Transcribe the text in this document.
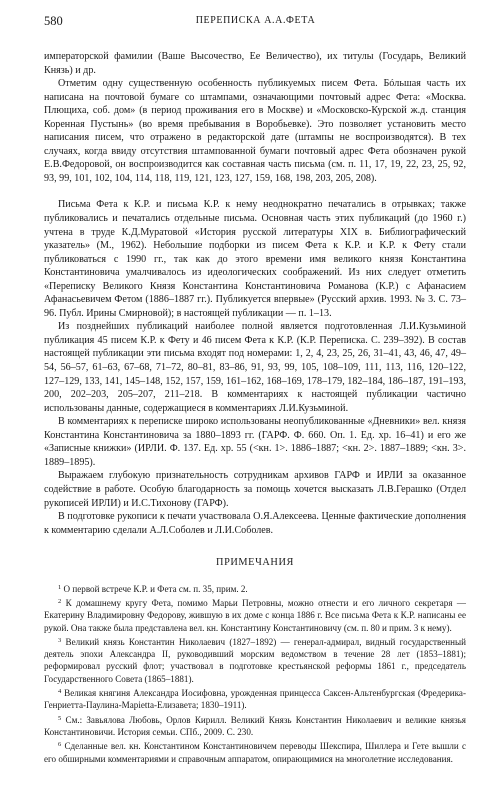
580	ПЕРЕПИСКА А.А.ФЕТА

императорской фамилии (Ваше Высочество, Ее Величество), их титулы (Государь, Великий Князь) и др.

Отметим одну существенную особенность публикуемых писем Фета. Бóльшая часть их написана на почтовой бумаге со штампами, означающими почтовый адрес Фета: «Москва. Плющиха, соб. дом» (в период проживания его в Москве) и «Московско-Курской ж.д. станция Коренная Пустынь» (во время пребывания в Воробьевке). Это позволяет установить место написания писем, что отражено в редакторской дате (штампы не воспроизводятся). В тех случаях, когда ввиду отсутствия штампованной бумаги почтовый адрес Фета обозначен рукой Е.В.Федоровой, он воспроизводится как составная часть письма (см. п. 11, 17, 19, 22, 23, 25, 92, 93, 99, 101, 102, 104, 114, 118, 119, 121, 123, 127, 159, 168, 198, 203, 205, 208).

Письма Фета к К.Р. и письма К.Р. к нему неоднократно печатались в отрывках; также публиковались и печатались отдельные письма. Основная часть этих публикаций (до 1960 г.) учтена в труде К.Д.Муратовой «История русской литературы XIX в. Библиографический указатель» (М., 1962). Небольшие подборки из писем Фета к К.Р. и К.Р. к Фету стали публиковаться с 1990 гг., так как до этого времени имя великого князя Константина Константиновича умалчивалось из идеологических соображений. Из них следует отметить «Переписку Великого Князя Константина Константиновича Романова (К.Р.) с Афанасием Афанасьевичем Фетом (1886–1887 гг.). Публикуется впервые» (Русский архив. 1993. № 3. С. 73–96. Публ. Ирины Смирновой); в настоящей публикации — п. 1–13.

Из позднейших публикаций наиболее полной является подготовленная Л.И.Кузьминой публикация 45 писем К.Р. к Фету и 46 писем Фета к К.Р. (К.Р. Переписка. С. 239–392). В состав настоящей публикации эти письма входят под номерами: 1, 2, 4, 23, 25, 26, 31–41, 43, 46, 47, 49–54, 56–57, 61–63, 67–68, 71–72, 80–81, 83–86, 91, 93, 99, 105, 108–109, 111, 113, 116, 120–122, 127–129, 133, 141, 145–148, 152, 157, 159, 161–162, 168–169, 178–179, 182–184, 186–187, 191–193, 200, 202–203, 205–207, 211–218. В комментариях к настоящей публикации частично использованы данные, содержащиеся в комментариях Л.И.Кузьминой.

В комментариях к переписке широко использованы неопубликованные «Дневники» вел. князя Константина Константиновича за 1880–1893 гг. (ГАРФ. Ф. 660. Оп. 1. Ед. хр. 16–41) и его же «Записные книжки» (ИРЛИ. Ф. 137. Ед. хр. 55 (<кн. 1>. 1886–1887; <кн. 2>. 1887–1889; <кн. 3>. 1889–1895).

Выражаем глубокую признательность сотрудникам архивов ГАРФ и ИРЛИ за оказанное содействие в работе. Особую благодарность за помощь хочется высказать Л.В.Герашко (Отдел рукописей ИРЛИ) и И.С.Тихонову (ГАРФ).

В подготовке рукописи к печати участвовала О.Я.Алексеева. Ценные фактические дополнения к комментарию сделали А.Л.Соболев и Л.И.Соболев.

ПРИМЕЧАНИЯ

$^1$ О первой встрече К.Р. и Фета см. п. 35, прим. 2.

$^2$ К домашнему кругу Фета, помимо Марьи Петровны, можно отнести и его личного секретаря — Екатерину Владимировну Федорову, жившую в их доме с конца 1886 г. Все письма Фета к К.Р. написаны ее рукой. Она также была представлена вел. кн. Константину Константиновичу (см. п. 80 и прим. 3 к нему).

$^3$ Великий князь Константин Николаевич (1827–1892) — генерал-адмирал, видный государственный деятель эпохи Александра II, руководивший морским ведомством в течение 28 лет (1853–1881); реформировал русский флот; участвовал в подготовке крестьянской реформы 1861 г., председатель Государственного Совета (1865–1881).

$^4$ Великая княгиня Александра Иосифовна, урожденная принцесса Саксен-Альтенбургская (Фредерика-Генриетта-Паулина-Марietta-Елизавета; 1830–1911).

$^5$ См.: Завьялова Любовь, Орлов Кирилл. Великий Князь Константин Николаевич и великие князья Константиновичи. История семьи. СПб., 2009. С. 230.

$^6$ Сделанные вел. кн. Константином Константиновичем переводы Шекспира, Шиллера и Гете вышли с его обширными комментариями и справочным аппаратом, опирающимися на многолетние исследования.
